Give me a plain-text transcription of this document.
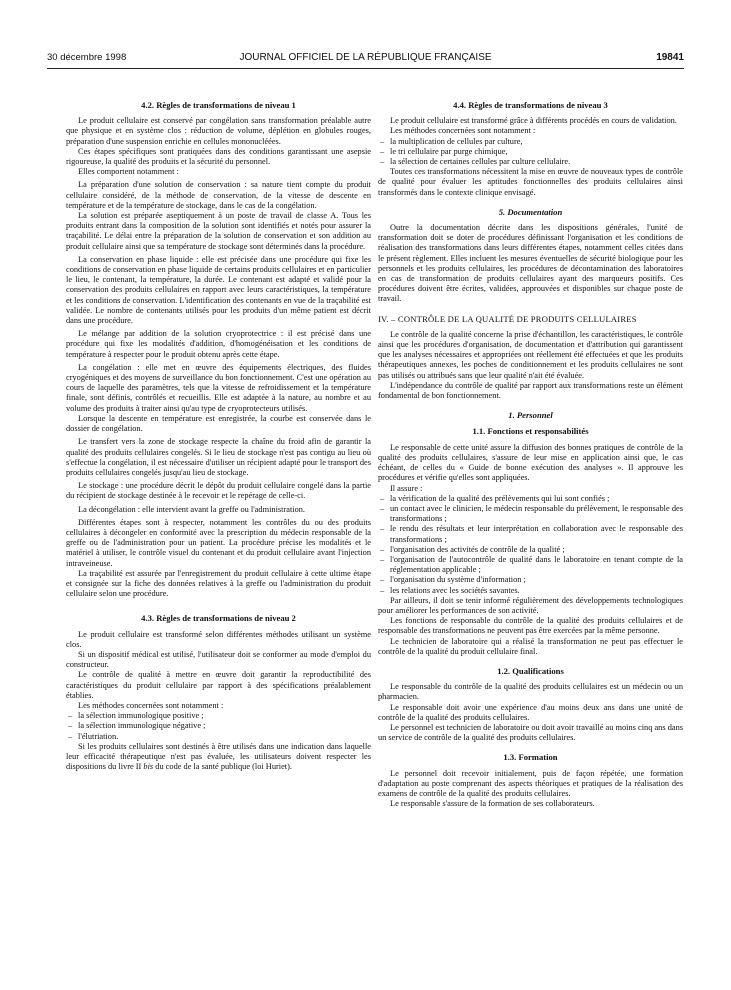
30 décembre 1998	JOURNAL OFFICIEL DE LA RÉPUBLIQUE FRANÇAISE	19841
4.2. Règles de transformations de niveau 1

Le produit cellulaire est conservé par congélation sans transformation préalable autre que physique et en système clos : réduction de volume, déplétion en globules rouges, préparation d'une suspension enrichie en cellules mononucléées.

Ces étapes spécifiques sont pratiquées dans des conditions garantissant une asepsie rigoureuse, la qualité des produits et la sécurité du personnel.

Elles comportent notamment :

La préparation d'une solution de conservation : sa nature tient compte du produit cellulaire considéré, de la méthode de conservation, de la vitesse de descente en température et de la température de stockage, dans le cas de la congélation.

La solution est préparée aseptiquement à un poste de travail de classe A. Tous les produits entrant dans la composition de la solution sont identifiés et notés pour assurer la traçabilité. Le délai entre la préparation de la solution de conservation et son addition au produit cellulaire ainsi que sa température de stockage sont déterminés dans la procédure.

La conservation en phase liquide : elle est précisée dans une procédure qui fixe les conditions de conservation en phase liquide de certains produits cellulaires et en particulier le lieu, le contenant, la température, la durée. Le contenant est adapté et validé pour la conservation des produits cellulaires en rapport avec leurs caractéristiques, la température et les conditions de conservation. L'identification des contenants en vue de la traçabilité est validée. Le nombre de contenants utilisés pour les produits d'un même patient est décrit dans une procédure.

Le mélange par addition de la solution cryoprotectrice : il est précisé dans une procédure qui fixe les modalités d'addition, d'homogénéisation et les conditions de température à respecter pour le produit obtenu après cette étape.

La congélation : elle met en œuvre des équipements électriques, des fluides cryogéniques et des moyens de surveillance du bon fonctionnement. C'est une opération au cours de laquelle des paramètres, tels que la vitesse de refroidissement et la température finale, sont définis, contrôlés et recueillis. Elle est adaptée à la nature, au nombre et au volume des produits à traiter ainsi qu'au type de cryoprotecteurs utilisés.

Lorsque la descente en température est enregistrée, la courbe est conservée dans le dossier de congélation.

Le transfert vers la zone de stockage respecte la chaîne du froid afin de garantir la qualité des produits cellulaires congelés. Si le lieu de stockage n'est pas contigu au lieu où s'effectue la congélation, il est nécessaire d'utiliser un récipient adapté pour le transport des produits cellulaires congelés jusqu'au lieu de stockage.

Le stockage : une procédure décrit le dépôt du produit cellulaire congelé dans la partie du récipient de stockage destinée à le recevoir et le repérage de celle-ci.

La décongélation : elle intervient avant la greffe ou l'administration.

Différentes étapes sont à respecter, notamment les contrôles du ou des produits cellulaires à décongeler en conformité avec la prescription du médecin responsable de la greffe ou de l'administration pour un patient. La procédure précise les modalités et le matériel à utiliser, le contrôle visuel du contenant et du produit cellulaire avant l'injection intraveineuse.

La traçabilité est assurée par l'enregistrement du produit cellulaire à cette ultime étape et consignée sur la fiche des données relatives à la greffe ou l'administration du produit cellulaire selon une procédure.

4.3. Règles de transformations de niveau 2

Le produit cellulaire est transformé selon différentes méthodes utilisant un système clos.

Si un dispositif médical est utilisé, l'utilisateur doit se conformer au mode d'emploi du constructeur.

Le contrôle de qualité à mettre en œuvre doit garantir la reproductibilité des caractéristiques du produit cellulaire par rapport à des spécifications préalablement établies.

Les méthodes concernées sont notamment :

– la sélection immunologique positive ;
– la sélection immunologique négative ;
– l'élutriation.

Si les produits cellulaires sont destinés à être utilisés dans une indication dans laquelle leur efficacité thérapeutique n'est pas évaluée, les utilisateurs doivent respecter les dispositions du livre II bis du code de la santé publique (loi Huriet).

4.4. Règles de transformations de niveau 3

Le produit cellulaire est transformé grâce à différents procédés en cours de validation.

Les méthodes concernées sont notamment :

– la multiplication de cellules par culture,
– le tri cellulaire par purge chimique,
– la sélection de certaines cellules par culture cellulaire.

Toutes ces transformations nécessitent la mise en œuvre de nouveaux types de contrôle de qualité pour évaluer les aptitudes fonctionnelles des produits cellulaires ainsi transformés dans le contexte clinique envisagé.

5. Documentation

Outre la documentation décrite dans les dispositions générales, l'unité de transformation doit se doter de procédures définissant l'organisation et les conditions de réalisation des transformations dans leurs différentes étapes, notamment celles citées dans le présent règlement. Elles incluent les mesures éventuelles de sécurité biologique pour les personnels et les produits cellulaires, les procédures de décontamination des laboratoires en cas de transformation de produits cellulaires ayant des marqueurs positifs. Ces procédures doivent être écrites, validées, approuvées et disponibles sur chaque poste de travail.

IV. – CONTRÔLE DE LA QUALITÉ DE PRODUITS CELLULAIRES

Le contrôle de la qualité concerne la prise d'échantillon, les caractéristiques, le contrôle ainsi que les procédures d'organisation, de documentation et d'attribution qui garantissent que les analyses nécessaires et appropriées ont réellement été effectuées et que les produits thérapeutiques annexes, les poches de conditionnement et les produits cellulaires ne sont pas utilisés ou attribués sans que leur qualité n'ait été évaluée.

L'indépendance du contrôle de qualité par rapport aux transformations reste un élément fondamental de bon fonctionnement.

1. Personnel
1.1. Fonctions et responsabilités

Le responsable de cette unité assure la diffusion des bonnes pratiques de contrôle de la qualité des produits cellulaires, s'assure de leur mise en application ainsi que, le cas échéant, de celles du « Guide de bonne exécution des analyses ». Il approuve les procédures et vérifie qu'elles sont appliquées.

Il assure :

– la vérification de la qualité des prélèvements qui lui sont confiés ;
– un contact avec le clinicien, le médecin responsable du prélèvement, le responsable des transformations ;
– le rendu des résultats et leur interprétation en collaboration avec le responsable des transformations ;
– l'organisation des activités de contrôle de la qualité ;
– l'organisation de l'autocontrôle de qualité dans le laboratoire en tenant compte de la réglementation applicable ;
– l'organisation du système d'information ;
– les relations avec les sociétés savantes.

Par ailleurs, il doit se tenir informé régulièrement des développements technologiques pour améliorer les performances de son activité.

Les fonctions de responsable du contrôle de la qualité des produits cellulaires et de responsable des transformations ne peuvent pas être exercées par la même personne.

Le technicien de laboratoire qui a réalisé la transformation ne peut pas effectuer le contrôle de la qualité du produit cellulaire final.

1.2. Qualifications

Le responsable du contrôle de la qualité des produits cellulaires est un médecin ou un pharmacien.

Le responsable doit avoir une expérience d'au moins deux ans dans une unité de contrôle de la qualité des produits cellulaires.

Le personnel est technicien de laboratoire ou doit avoir travaillé au moins cinq ans dans un service de contrôle de la qualité des produits cellulaires.

1.3. Formation

Le personnel doit recevoir initialement, puis de façon répétée, une formation d'adaptation au poste comprenant des aspects théoriques et pratiques de la réalisation des examens de contrôle de la qualité des produits cellulaires.

Le responsable s'assure de la formation de ses collaborateurs.
